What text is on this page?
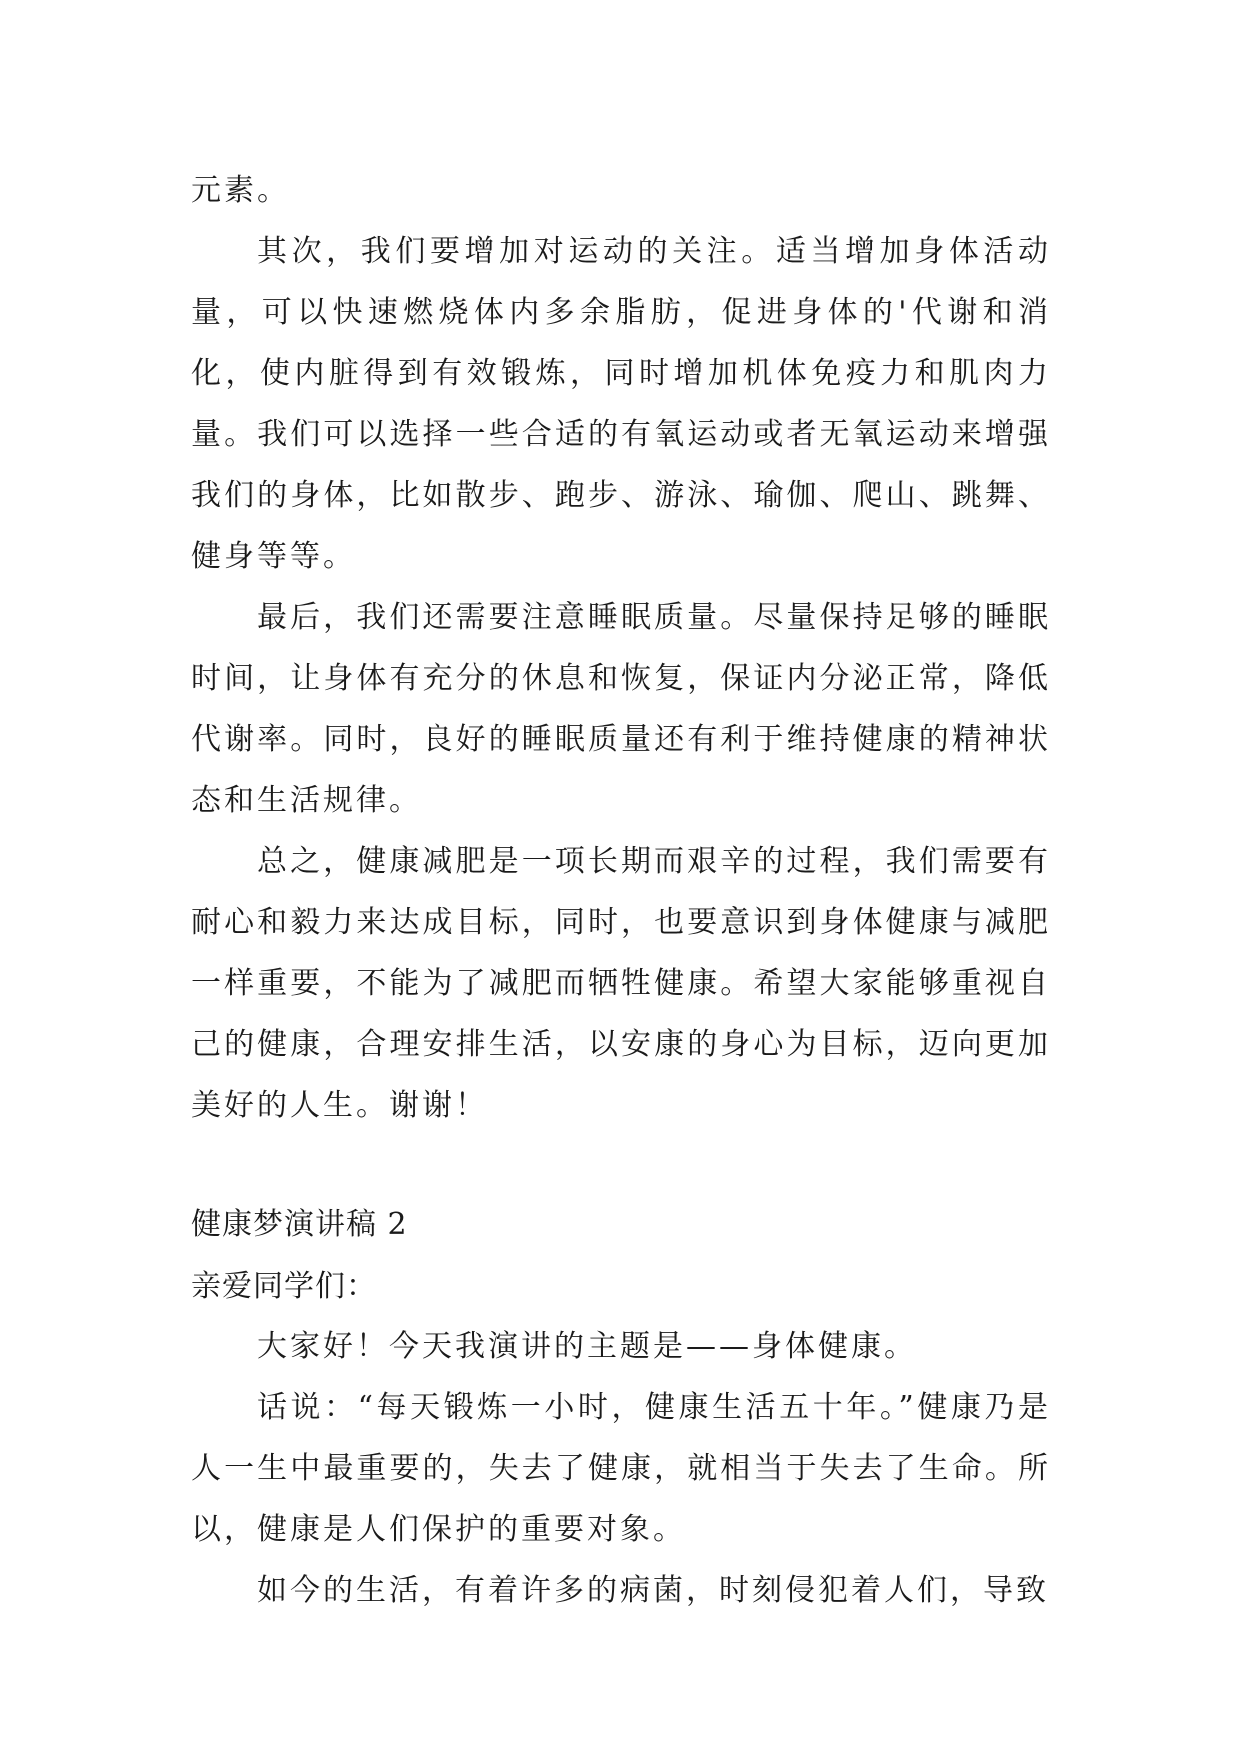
元素。

其次，我们要增加对运动的关注。适当增加身体活动量，可以快速燃烧体内多余脂肪，促进身体的'代谢和消化，使内脏得到有效锻炼，同时增加机体免疫力和肌肉力量。我们可以选择一些合适的有氧运动或者无氧运动来增强我们的身体，比如散步、跑步、游泳、瑜伽、爬山、跳舞、健身等等。

最后，我们还需要注意睡眠质量。尽量保持足够的睡眠时间，让身体有充分的休息和恢复，保证内分泌正常，降低代谢率。同时，良好的睡眠质量还有利于维持健康的精神状态和生活规律。

总之，健康减肥是一项长期而艰辛的过程，我们需要有耐心和毅力来达成目标，同时，也要意识到身体健康与减肥一样重要，不能为了减肥而牺牲健康。希望大家能够重视自己的健康，合理安排生活，以安康的身心为目标，迈向更加美好的人生。谢谢！

健康梦演讲稿 2

亲爱同学们：

大家好！今天我演讲的主题是——身体健康。

话说：“每天锻炼一小时，健康生活五十年。”健康乃是人一生中最重要的，失去了健康，就相当于失去了生命。所以，健康是人们保护的重要对象。

如今的生活，有着许多的病菌，时刻侵犯着人们，导致
